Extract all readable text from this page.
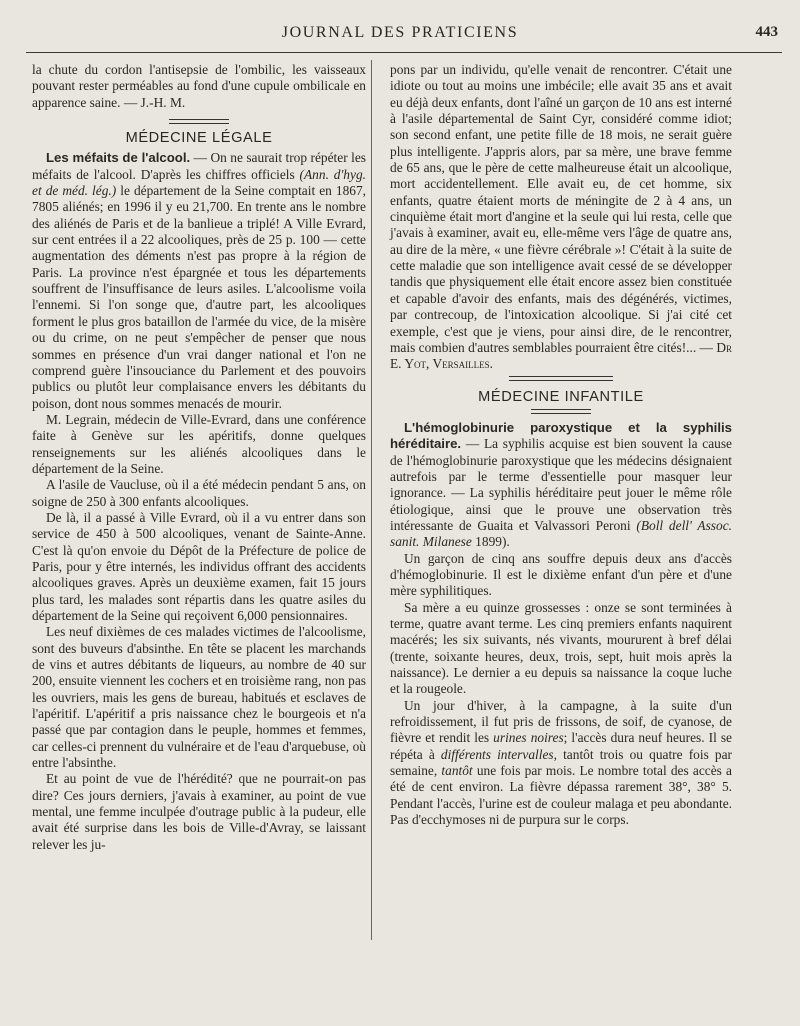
JOURNAL DES PRATICIENS	443

la chute du cordon l'antisepsie de l'ombilic, les vaisseaux pouvant rester perméables au fond d'une cupule ombilicale en apparence saine. — J.-H. M.

MÉDECINE LÉGALE

Les méfaits de l'alcool. — On ne saurait trop répéter les méfaits de l'alcool. D'après les chiffres officiels (Ann. d'hyg. et de méd. lég.) le département de la Seine comptait en 1867, 7805 aliénés; en 1996 il y eu 21,700. En trente ans le nombre des aliénés de Paris et de la banlieue a triplé! A Ville Evrard, sur cent entrées il a 22 alcooliques, près de 25 p. 100 — cette augmentation des déments n'est pas propre à la région de Paris. La province n'est épargnée et tous les départements souffrent de l'insuffisance de leurs asiles. L'alcoolisme voila l'ennemi. Si l'on songe que, d'autre part, les alcooliques forment le plus gros bataillon de l'armée du vice, de la misère ou du crime, on ne peut s'empêcher de penser que nous sommes en présence d'un vrai danger national et l'on ne comprend guère l'insouciance du Parlement et des pouvoirs publics ou plutôt leur complaisance envers les débitants du poison, dont nous sommes menacés de mourir.

M. Legrain, médecin de Ville-Evrard, dans une conférence faite à Genève sur les apéritifs, donne quelques renseignements sur les aliénés alcooliques dans le département de la Seine.

A l'asile de Vaucluse, où il a été médecin pendant 5 ans, on soigne de 250 à 300 enfants alcooliques.

De là, il a passé à Ville Evrard, où il a vu entrer dans son service de 450 à 500 alcooliques, venant de Sainte-Anne. C'est là qu'on envoie du Dépôt de la Préfecture de police de Paris, pour y être internés, les individus offrant des accidents alcooliques graves. Après un deuxième examen, fait 15 jours plus tard, les malades sont répartis dans les quatre asiles du département de la Seine qui reçoivent 6,000 pensionnaires.

Les neuf dixièmes de ces malades victimes de l'alcoolisme, sont des buveurs d'absinthe. En tête se placent les marchands de vins et autres débitants de liqueurs, au nombre de 40 sur 200, ensuite viennent les cochers et en troisième rang, non pas les ouvriers, mais les gens de bureau, habitués et esclaves de l'apéritif. L'apéritif a pris naissance chez le bourgeois et n'a passé que par contagion dans le peuple, hommes et femmes, car celles-ci prennent du vulnéraire et de l'eau d'arquebuse, où entre l'absinthe.

Et au point de vue de l'hérédité? que ne pourrait-on pas dire? Ces jours derniers, j'avais à examiner, au point de vue mental, une femme inculpée d'outrage public à la pudeur, elle avait été surprise dans les bois de Ville-d'Avray, se laissant relever les ju-

pons par un individu, qu'elle venait de rencontrer. C'était une idiote ou tout au moins une imbécile; elle avait 35 ans et avait eu déjà deux enfants, dont l'aîné un garçon de 10 ans est interné à l'asile départemental de Saint Cyr, considéré comme idiot; son second enfant, une petite fille de 18 mois, ne serait guère plus intelligente. J'appris alors, par sa mère, une brave femme de 65 ans, que le père de cette malheureuse était un alcoolique, mort accidentellement. Elle avait eu, de cet homme, six enfants, quatre étaient morts de méningite de 2 à 4 ans, un cinquième était mort d'angine et la seule qui lui resta, celle que j'avais à examiner, avait eu, elle-même vers l'âge de quatre ans, au dire de la mère, « une fièvre cérébrale »! C'était à la suite de cette maladie que son intelligence avait cessé de se développer tandis que physiquement elle était encore assez bien constituée et capable d'avoir des enfants, mais des dégénérés, victimes, par contrecoup, de l'intoxication alcoolique. Si j'ai cité cet exemple, c'est que je viens, pour ainsi dire, de le rencontrer, mais combien d'autres semblables pourraient être cités!... — Dr E. Yot, Versailles.

MÉDECINE INFANTILE

L'hémoglobinurie paroxystique et la syphilis héréditaire. — La syphilis acquise est bien souvent la cause de l'hémoglobinurie paroxystique que les médecins désignaient autrefois par le terme d'essentielle pour masquer leur ignorance. — La syphilis héréditaire peut jouer le même rôle étiologique, ainsi que le prouve une observation très intéressante de Guaita et Valvassori Peroni (Boll dell' Assoc. sanit. Milanese 1899).

Un garçon de cinq ans souffre depuis deux ans d'accès d'hémoglobinurie. Il est le dixième enfant d'un père et d'une mère syphilitiques.

Sa mère a eu quinze grossesses : onze se sont terminées à terme, quatre avant terme. Les cinq premiers enfants naquirent macérés; les six suivants, nés vivants, moururent à bref délai (trente, soixante heures, deux, trois, sept, huit mois après la naissance). Le dernier a eu depuis sa naissance la coque luche et la rougeole.

Un jour d'hiver, à la campagne, à la suite d'un refroidissement, il fut pris de frissons, de soif, de cyanose, de fièvre et rendit les urines noires; l'accès dura neuf heures. Il se répéta à différents intervalles, tantôt trois ou quatre fois par semaine, tantôt une fois par mois. Le nombre total des accès a été de cent environ. La fièvre dépassa rarement 38°, 38° 5. Pendant l'accès, l'urine est de couleur malaga et peu abondante. Pas d'ecchymoses ni de purpura sur le corps.
